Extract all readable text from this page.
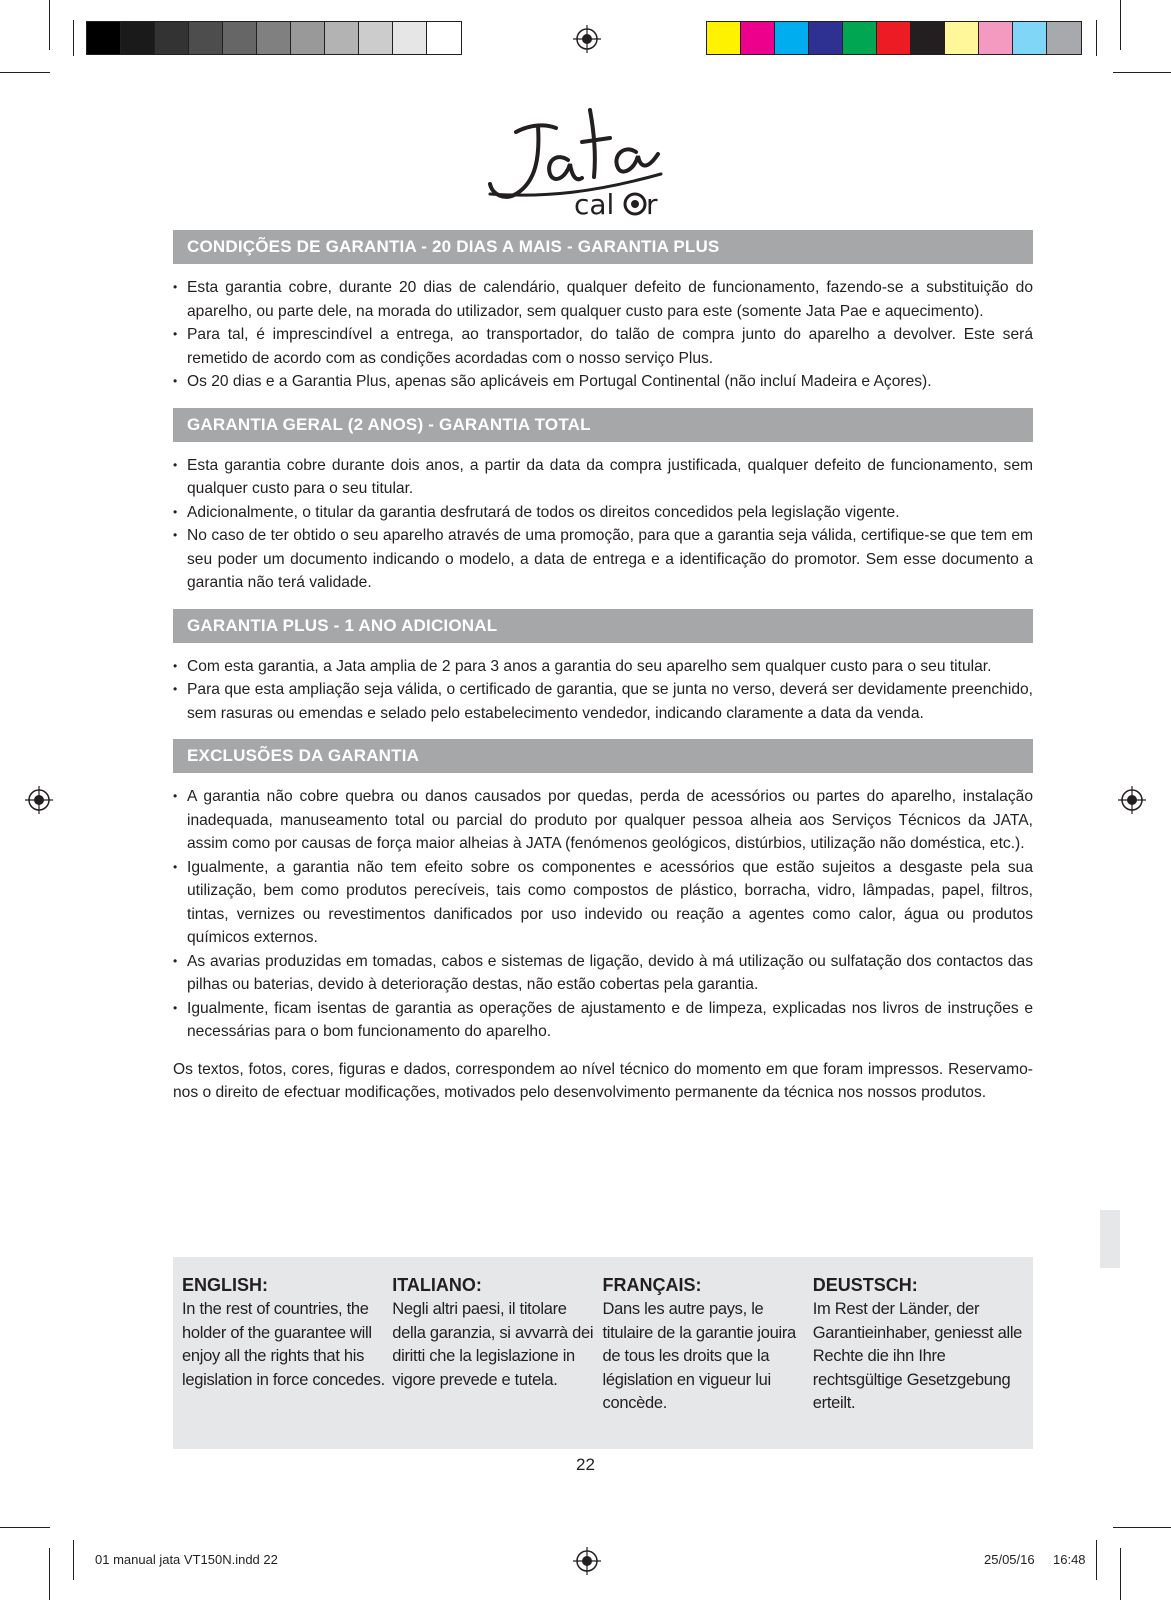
cal r
CONDIÇÕES DE GARANTIA - 20 DIAS A MAIS - GARANTIA PLUS
• Esta garantia cobre, durante 20 dias de calendário, qualquer defeito de funcionamento, fazendo-se a substituição do aparelho, ou parte dele, na morada do utilizador, sem qualquer custo para este (somente Jata Pae e aquecimento).
• Para tal, é imprescindível a entrega, ao transportador, do talão de compra junto do aparelho a devolver. Este será remetido de acordo com as condições acordadas com o nosso serviço Plus.
• Os 20 dias e a Garantia Plus, apenas são aplicáveis em Portugal Continental (não incluí Madeira e Açores).
GARANTIA GERAL (2 ANOS) - GARANTIA TOTAL
• Esta garantia cobre durante dois anos, a partir da data da compra justificada, qualquer defeito de funcionamento, sem qualquer custo para o seu titular.
• Adicionalmente, o titular da garantia desfrutará de todos os direitos concedidos pela legislação vigente.
• No caso de ter obtido o seu aparelho através de uma promoção, para que a garantia seja válida, certifique-se que tem em seu poder um documento indicando o modelo, a data de entrega e a identificação do promotor. Sem esse documento a garantia não terá validade.
GARANTIA PLUS - 1 ANO ADICIONAL
• Com esta garantia, a Jata amplia de 2 para 3 anos a garantia do seu aparelho sem qualquer custo para o seu titular.
• Para que esta ampliação seja válida, o certificado de garantia, que se junta no verso, deverá ser devidamente preenchido, sem rasuras ou emendas e selado pelo estabelecimento vendedor, indicando claramente a data da venda.
EXCLUSÕES DA GARANTIA
• A garantia não cobre quebra ou danos causados por quedas, perda de acessórios ou partes do aparelho, instalação inadequada, manuseamento total ou parcial do produto por qualquer pessoa alheia aos Serviços Técnicos da JATA, assim como por causas de força maior alheias à JATA (fenómenos geológicos, distúrbios, utilização não doméstica, etc.).
• Igualmente, a garantia não tem efeito sobre os componentes e acessórios que estão sujeitos a desgaste pela sua utilização, bem como produtos perecíveis, tais como compostos de plástico, borracha, vidro, lâmpadas, papel, filtros, tintas, vernizes ou revestimentos danificados por uso indevido ou reação a agentes como calor, água ou produtos químicos externos.
• As avarias produzidas em tomadas, cabos e sistemas de ligação, devido à má utilização ou sulfatação dos contactos das pilhas ou baterias, devido à deterioração destas, não estão cobertas pela garantia.
• Igualmente, ficam isentas de garantia as operações de ajustamento e de limpeza, explicadas nos livros de instruções e necessárias para o bom funcionamento do aparelho.

Os textos, fotos, cores, figuras e dados, correspondem ao nível técnico do momento em que foram impressos. Reservamo-nos o direito de efectuar modificações, motivados pelo desenvolvimento permanente da técnica nos nossos produtos.

ENGLISH:

In the rest of countries, the holder of the guarantee will enjoy all the rights that his legislation in force concedes.

ITALIANO:

Negli altri paesi, il titolare della garanzia, si avvarrà dei diritti che la legislazione in vigore prevede e tutela.

FRANÇAIS:

Dans les autre pays, le titulaire de la garantie jouira de tous les droits que la législation en vigueur lui concède.

DEUSTSCH:

Im Rest der Länder, der Garantieinhaber, geniesst alle Rechte die ihn Ihre rechtsgültige Gesetzgebung erteilt.

22
01 manual jata VT150N.indd 22	25/05/16 16:48
